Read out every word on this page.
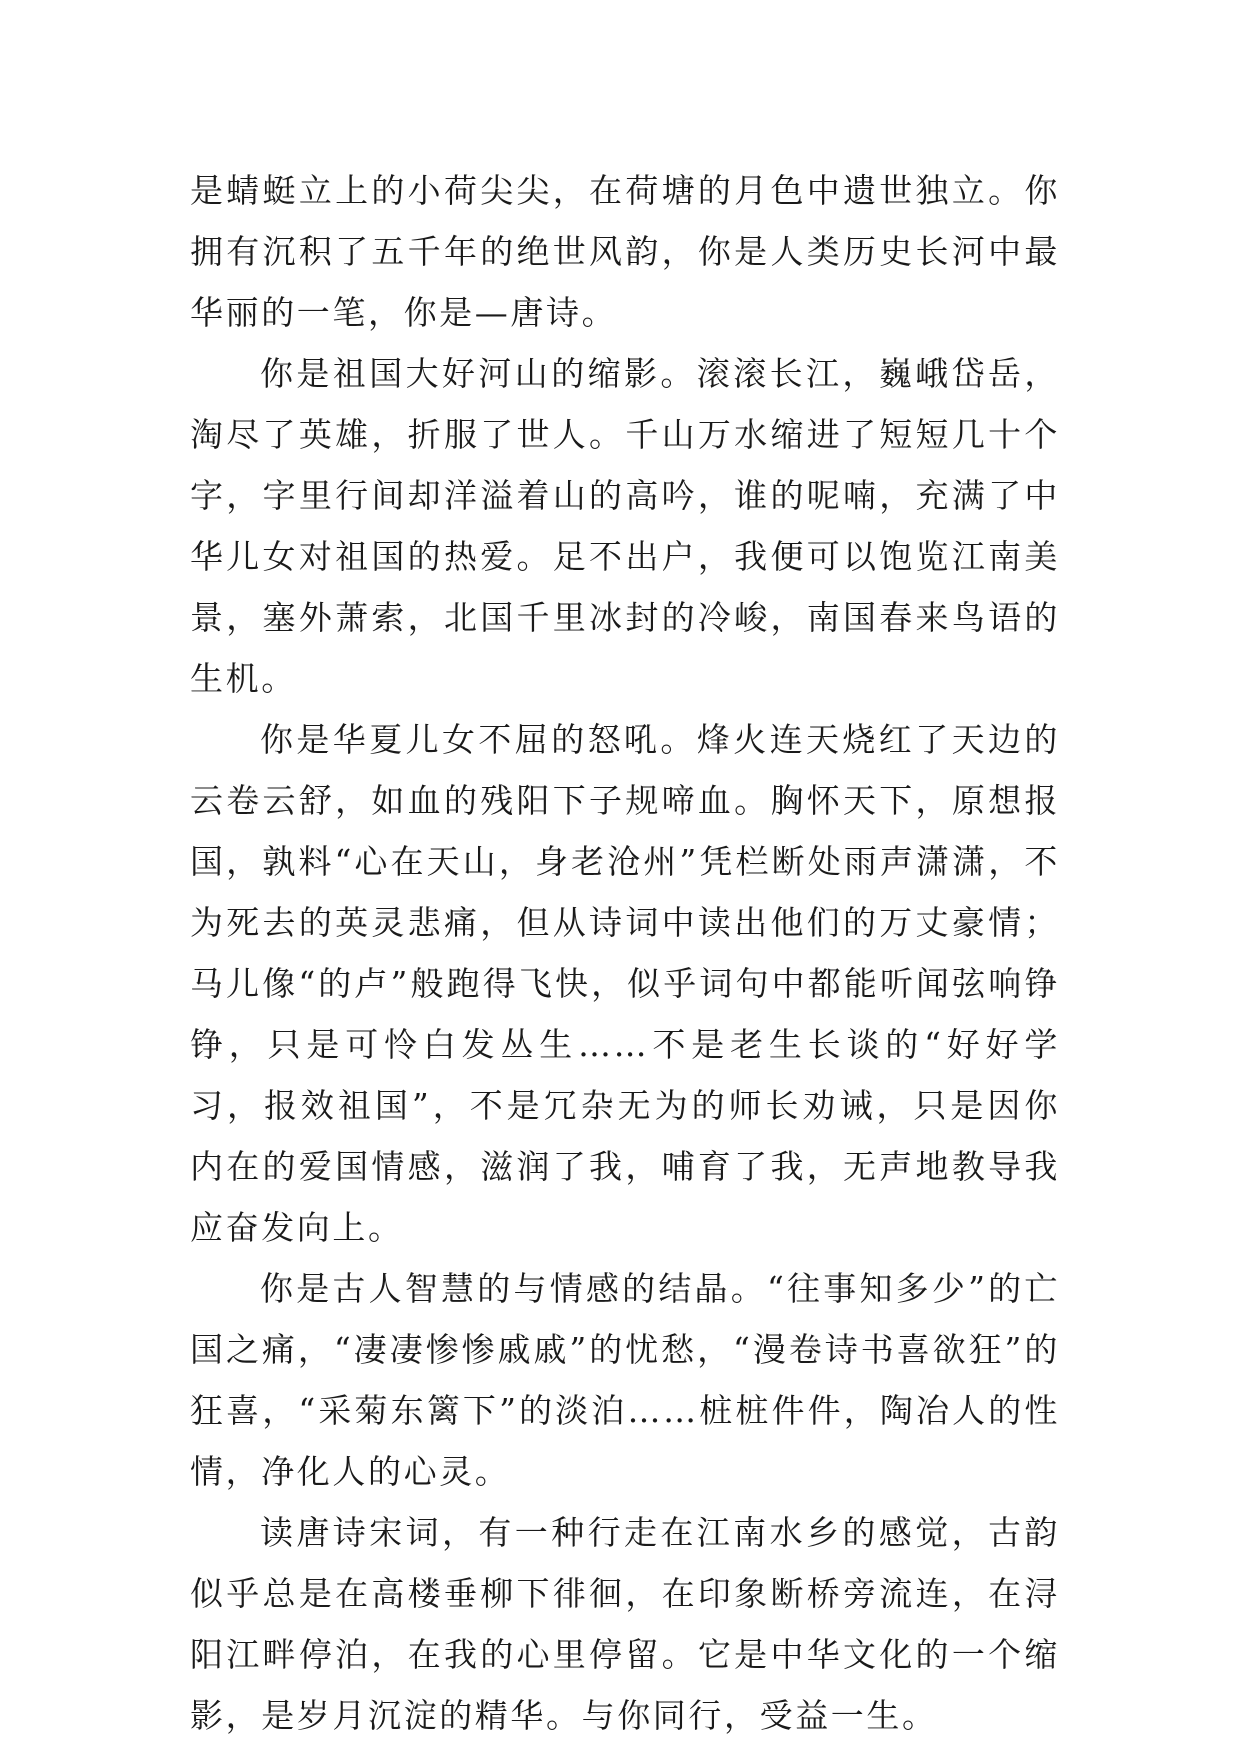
是蜻蜓立上的小荷尖尖，在荷塘的月色中遗世独立。你拥有沉积了五千年的绝世风韵，你是人类历史长河中最华丽的一笔，你是—唐诗。

你是祖国大好河山的缩影。滚滚长江，巍峨岱岳，淘尽了英雄，折服了世人。千山万水缩进了短短几十个字，字里行间却洋溢着山的高吟，谁的呢喃，充满了中华儿女对祖国的热爱。足不出户，我便可以饱览江南美景，塞外萧索，北国千里冰封的冷峻，南国春来鸟语的生机。

你是华夏儿女不屈的怒吼。烽火连天烧红了天边的云卷云舒，如血的残阳下子规啼血。胸怀天下，原想报国，孰料“心在天山，身老沧州”凭栏断处雨声潇潇，不为死去的英灵悲痛，但从诗词中读出他们的万丈豪情；马儿像“的卢”般跑得飞快，似乎词句中都能听闻弦响铮铮，只是可怜白发丛生……不是老生长谈的“好好学习，报效祖国”，不是冗杂无为的师长劝诫，只是因你内在的爱国情感，滋润了我，哺育了我，无声地教导我应奋发向上。

你是古人智慧的与情感的结晶。“往事知多少”的亡国之痛，“凄凄惨惨戚戚”的忧愁，“漫卷诗书喜欲狂”的狂喜，“采菊东篱下”的淡泊……桩桩件件，陶冶人的性情，净化人的心灵。

读唐诗宋词，有一种行走在江南水乡的感觉，古韵似乎总是在高楼垂柳下徘徊，在印象断桥旁流连，在浔阳江畔停泊，在我的心里停留。它是中华文化的一个缩影，是岁月沉淀的精华。与你同行，受益一生。
